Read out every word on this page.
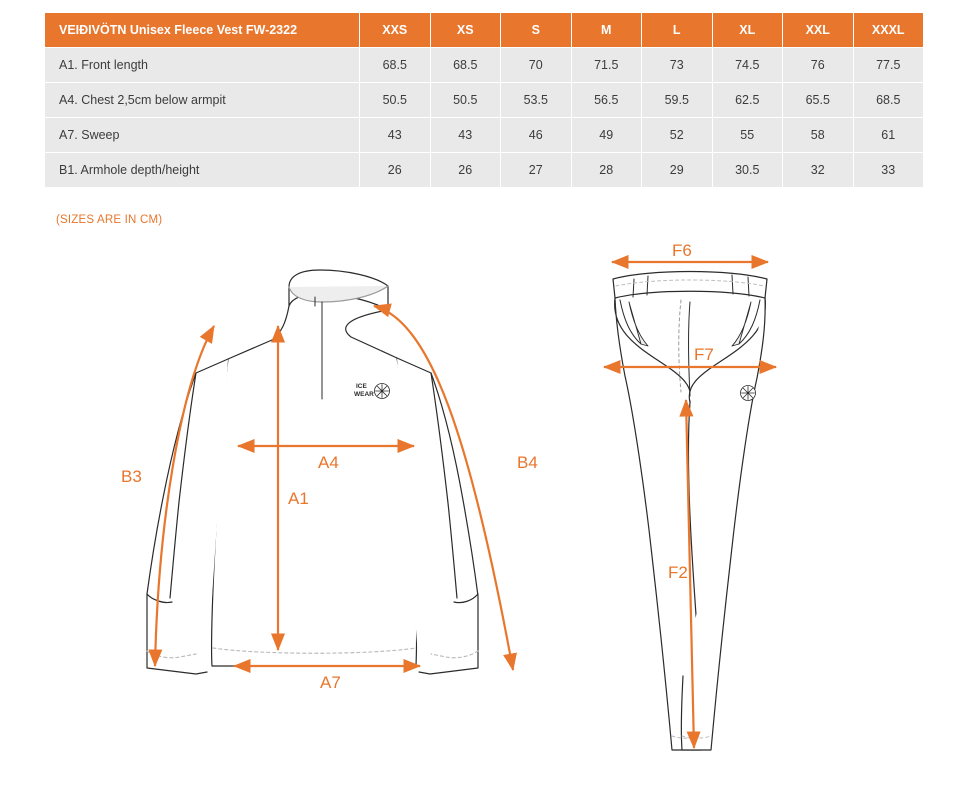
VEIÐIVÖTN Unisex Fleece Vest FW-2322	XXS	XS	S	M	L	XL	XXL	XXXL
A1. Front length	68.5	68.5	70	71.5	73	74.5	76	77.5
A4. Chest 2,5cm below armpit	50.5	50.5	53.5	56.5	59.5	62.5	65.5	68.5
A7. Sweep	43	43	46	49	52	55	58	61
B1. Armhole depth/height	26	26	27	28	29	30.5	32	33
(SIZES ARE IN CM)
ICE
WEAR
B3
B4
A4
A1
A7
F6
F7
F2
